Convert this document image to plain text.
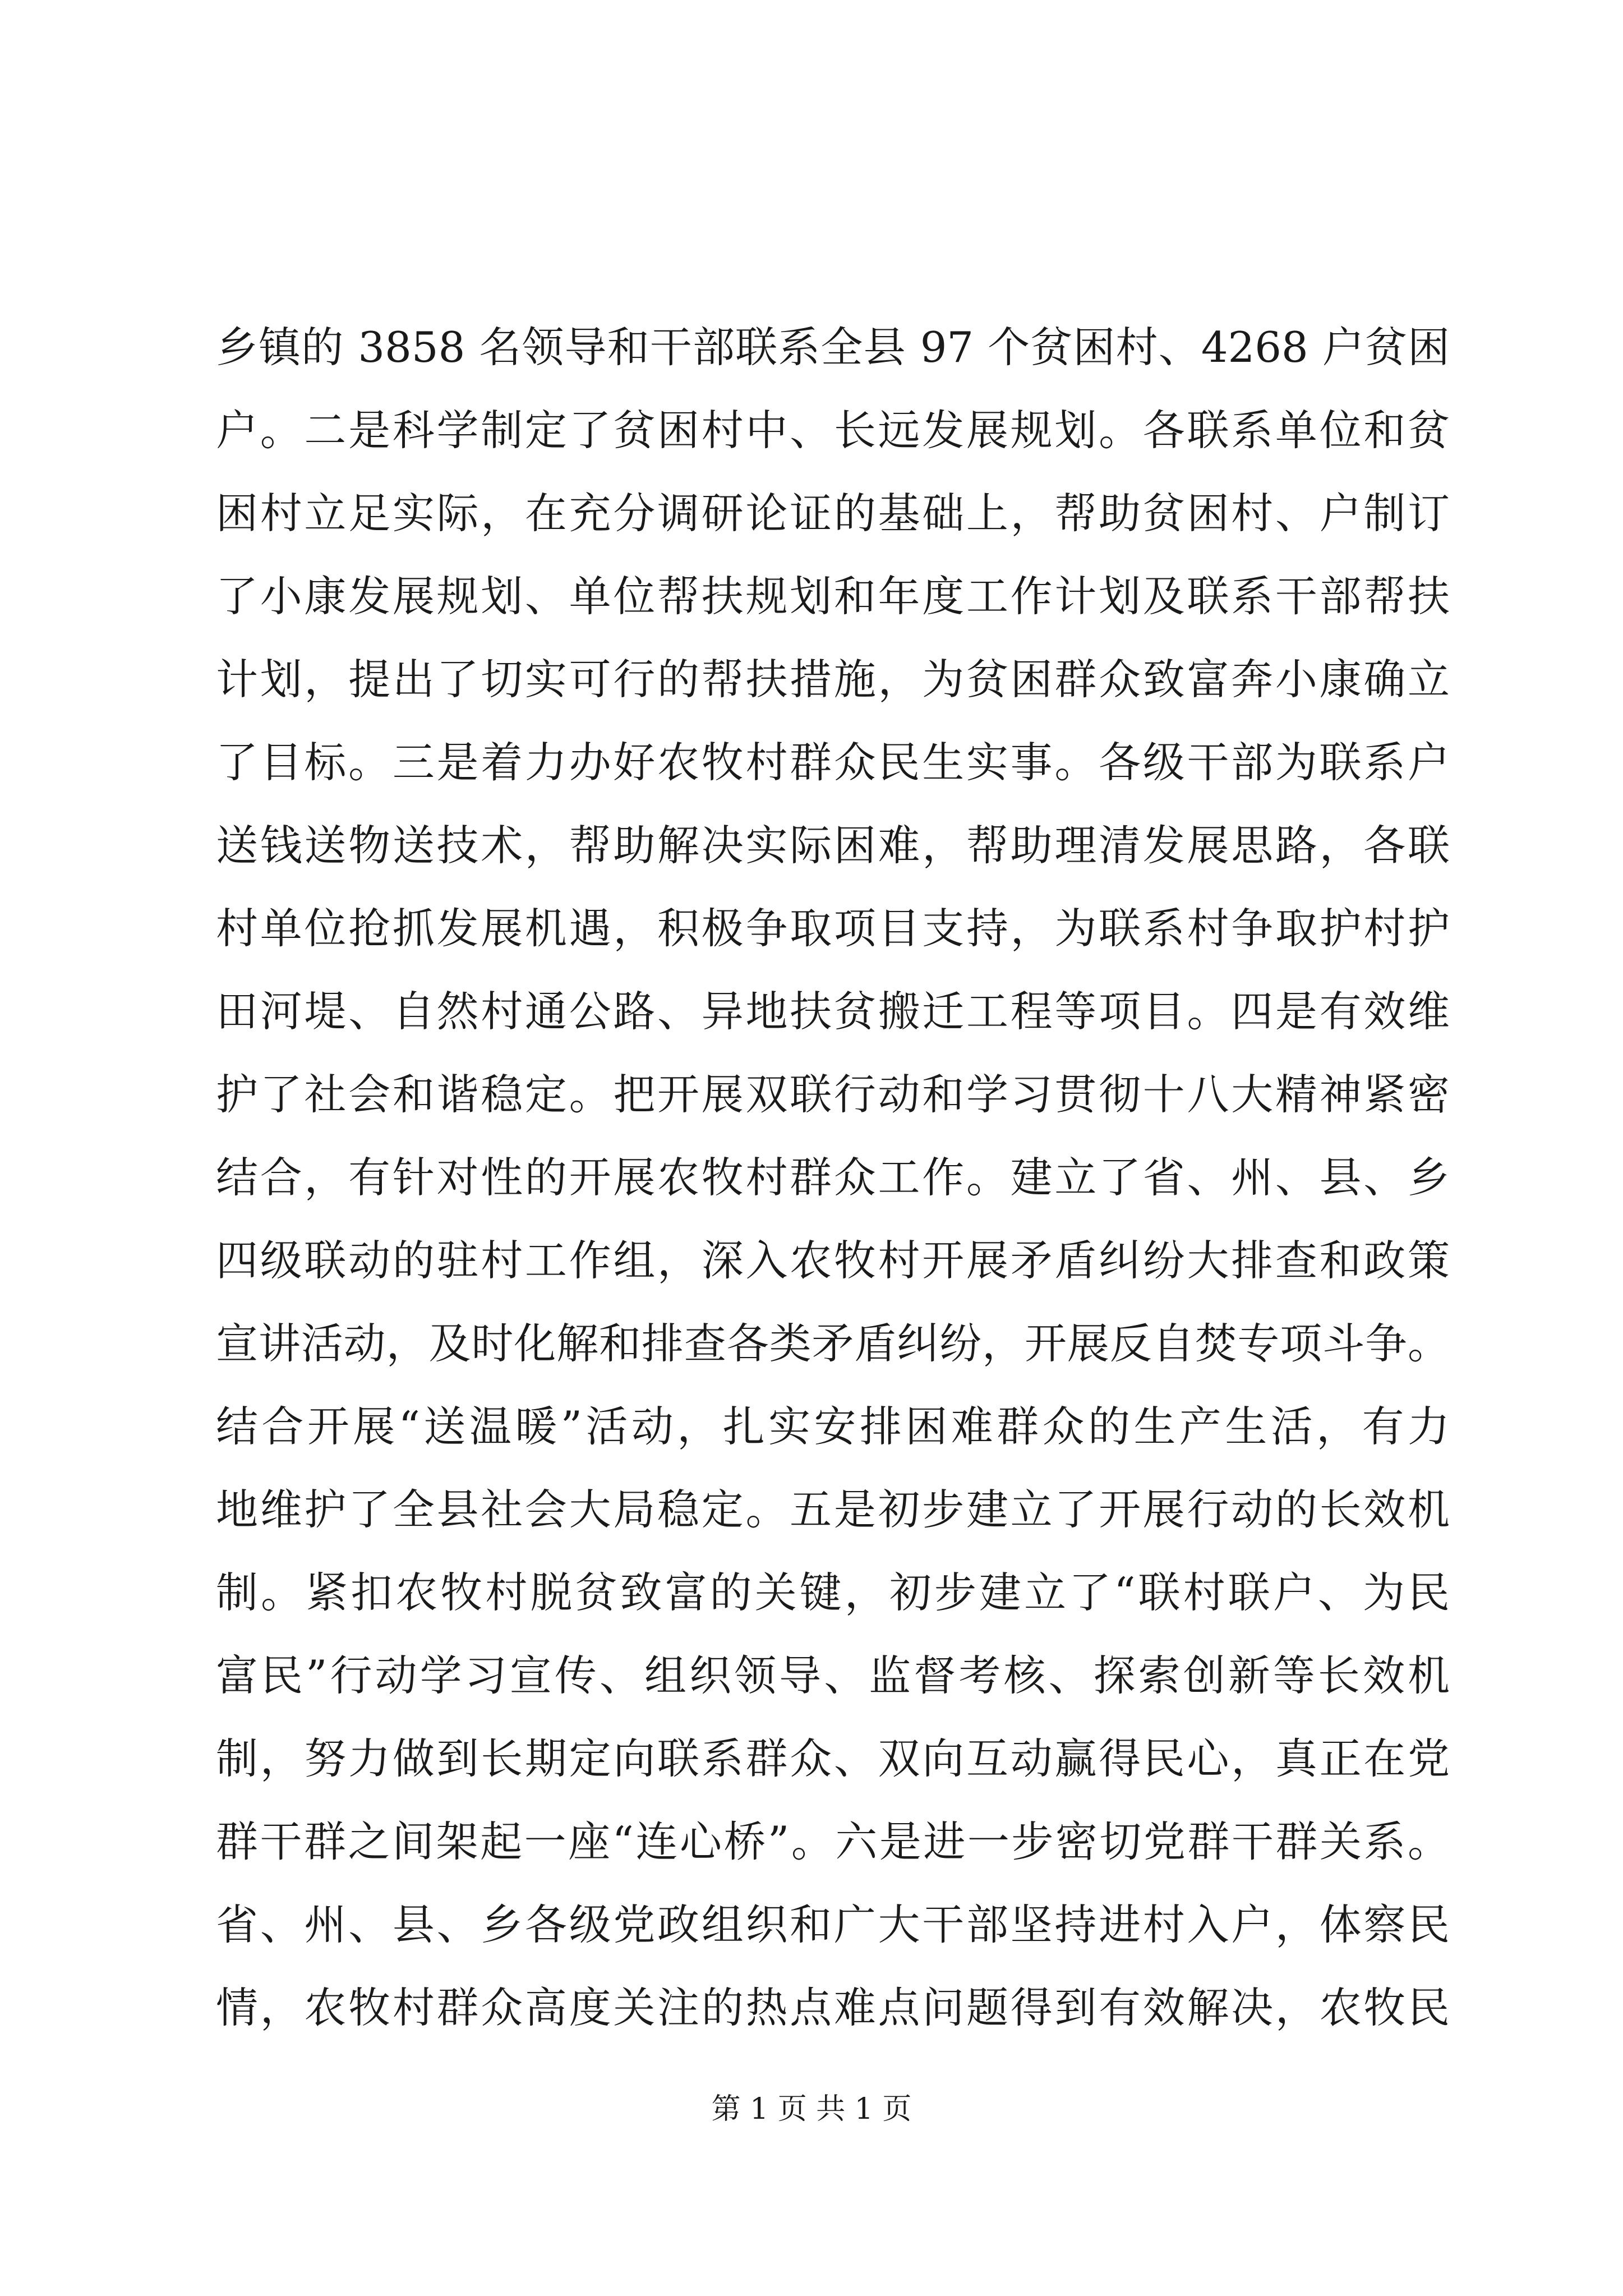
乡镇的 3858 名领导和干部联系全县 97 个贫困村、4268 户贫困
户。二是科学制定了贫困村中、长远发展规划。各联系单位和贫
困村立足实际，在充分调研论证的基础上，帮助贫困村、户制订
了小康发展规划、单位帮扶规划和年度工作计划及联系干部帮扶
计划，提出了切实可行的帮扶措施，为贫困群众致富奔小康确立
了目标。三是着力办好农牧村群众民生实事。各级干部为联系户
送钱送物送技术，帮助解决实际困难，帮助理清发展思路，各联
村单位抢抓发展机遇，积极争取项目支持，为联系村争取护村护
田河堤、自然村通公路、异地扶贫搬迁工程等项目。四是有效维
护了社会和谐稳定。把开展双联行动和学习贯彻十八大精神紧密
结合，有针对性的开展农牧村群众工作。建立了省、州、县、乡
四级联动的驻村工作组，深入农牧村开展矛盾纠纷大排查和政策
宣讲活动，及时化解和排查各类矛盾纠纷，开展反自焚专项斗争。
结合开展“送温暖”活动，扎实安排困难群众的生产生活，有力
地维护了全县社会大局稳定。五是初步建立了开展行动的长效机
制。紧扣农牧村脱贫致富的关键，初步建立了“联村联户、为民
富民”行动学习宣传、组织领导、监督考核、探索创新等长效机
制，努力做到长期定向联系群众、双向互动赢得民心，真正在党
群干群之间架起一座“连心桥”。六是进一步密切党群干群关系。
省、州、县、乡各级党政组织和广大干部坚持进村入户，体察民
情，农牧村群众高度关注的热点难点问题得到有效解决，农牧民
第 1 页 共 1 页
